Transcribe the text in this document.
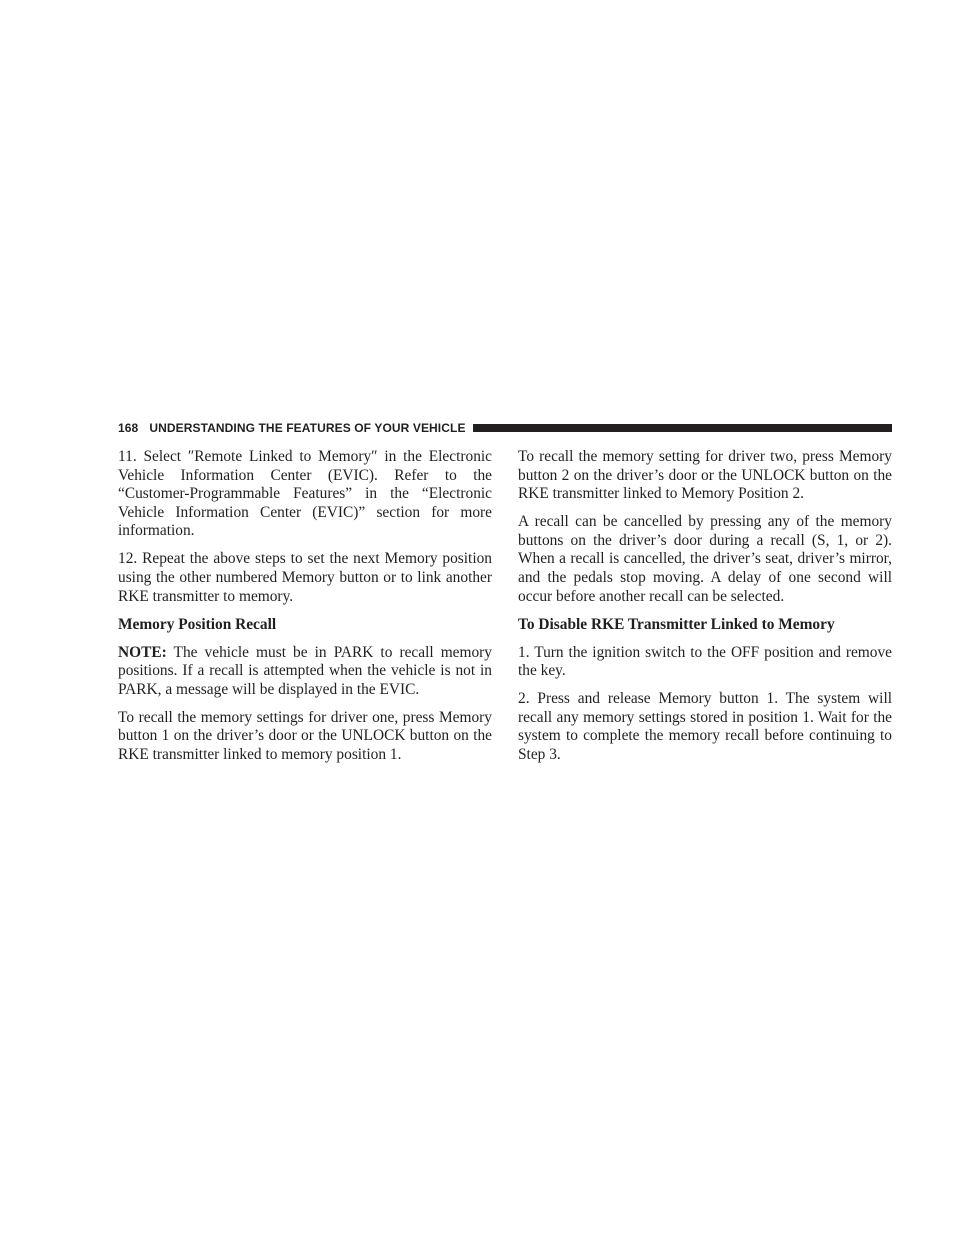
168 UNDERSTANDING THE FEATURES OF YOUR VEHICLE

11. Select ″Remote Linked to Memory″ in the Electronic Vehicle Information Center (EVIC). Refer to the “Customer-Programmable Features” in the “Electronic Vehicle Information Center (EVIC)” section for more information.

12. Repeat the above steps to set the next Memory position using the other numbered Memory button or to link another RKE transmitter to memory.

Memory Position Recall

NOTE: The vehicle must be in PARK to recall memory positions. If a recall is attempted when the vehicle is not in PARK, a message will be displayed in the EVIC.

To recall the memory settings for driver one, press Memory button 1 on the driver’s door or the UNLOCK button on the RKE transmitter linked to memory position 1.

To recall the memory setting for driver two, press Memory button 2 on the driver’s door or the UNLOCK button on the RKE transmitter linked to Memory Position 2.

A recall can be cancelled by pressing any of the memory buttons on the driver’s door during a recall (S, 1, or 2). When a recall is cancelled, the driver’s seat, driver’s mirror, and the pedals stop moving. A delay of one second will occur before another recall can be selected.

To Disable RKE Transmitter Linked to Memory

1. Turn the ignition switch to the OFF position and remove the key.

2. Press and release Memory button 1. The system will recall any memory settings stored in position 1. Wait for the system to complete the memory recall before continuing to Step 3.
